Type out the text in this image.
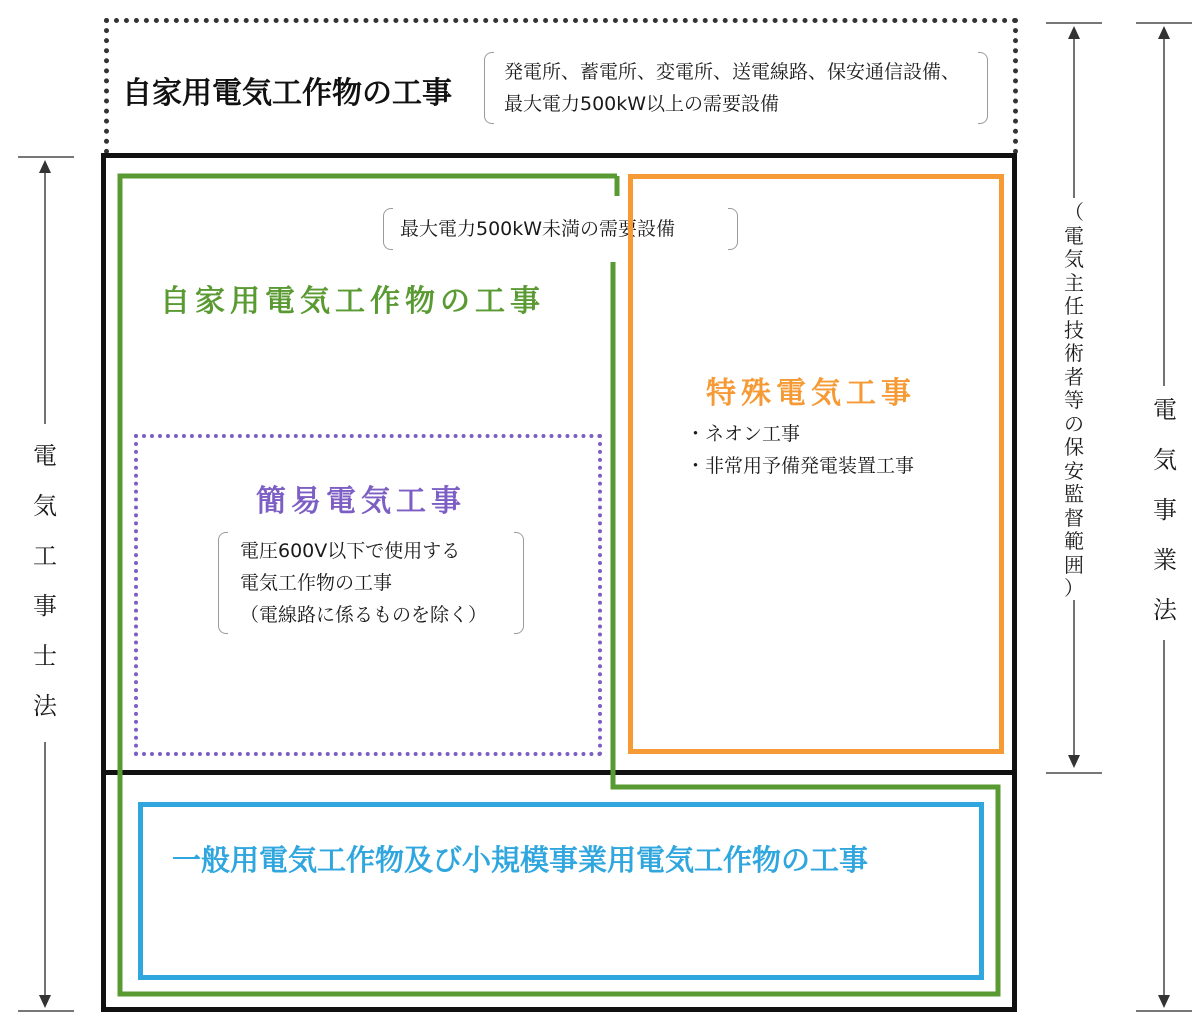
自家用電気工作物の工事
発電所、蓄電所、変電所、送電線路、保安通信設備、
最大電力500kW以上の需要設備
最大電力500kW未満の需要設備
自家用電気工作物の工事
特殊電気工事
・ネオン工事
・非常用予備発電装置工事
簡易電気工事
電圧600V以下で使用する
電気工作物の工事
（電線路に係るものを除く）
一般用電気工作物及び小規模事業用電気工作物の工事
電
気
工
事
士
法
（
電
気
主
任
技
術
者
等
の
保
安
監
督
範
囲
）
電
気
事
業
法
